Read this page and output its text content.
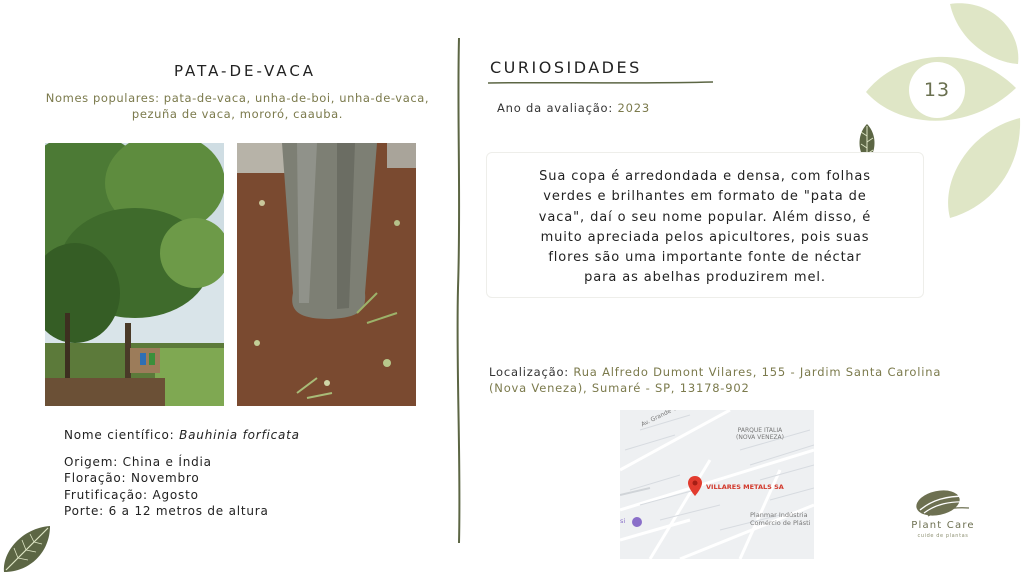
13
PATA-DE-VACA
Nomes populares: pata-de-vaca, unha-de-boi, unha-de-vaca, pezuña de vaca, mororó, caauba.
Nome científico: Bauhinia forficata
Origem: China e Índia
Floração: Novembro
Frutificação: Agosto
Porte: 6 a 12 metros de altura
CURIOSIDADES
Ano da avaliação: 2023
Sua copa é arredondada e densa, com folhas
verdes e brilhantes em formato de "pata de
vaca", daí o seu nome popular. Além disso, é
muito apreciada pelos apicultores, pois suas
flores são uma importante fonte de néctar
para as abelhas produzirem mel.
Localização: Rua Alfredo Dumont Vilares, 155 - Jardim Santa Carolina
(Nova Veneza), Sumaré - SP, 13178-902
PARQUE ITALIA
(NOVA VENEZA)
VILLARES METALS SA
Planmar Indústria
Comércio de Plásti
si	Plant Care
cuide de plantas
